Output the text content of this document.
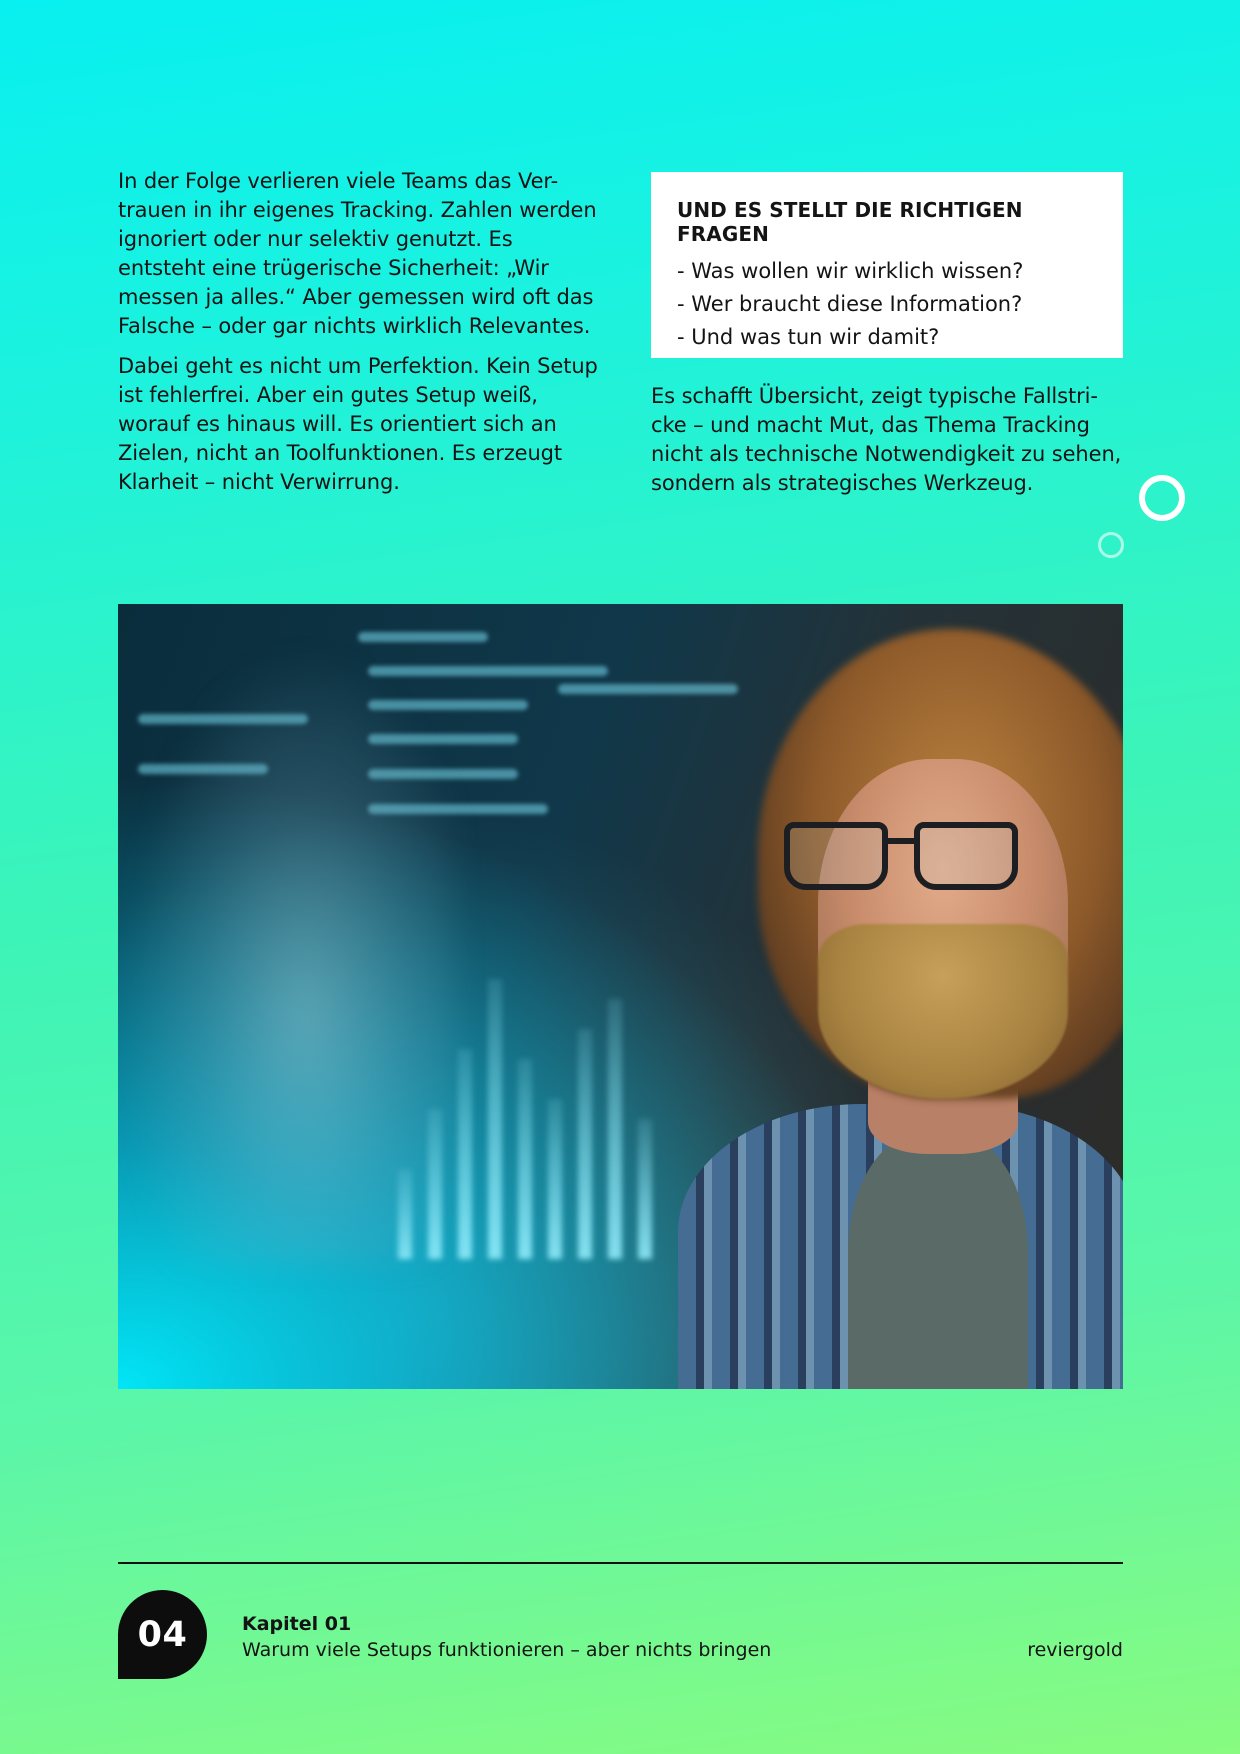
In der Folge verlieren viele Teams das Ver-trauen in ihr eigenes Tracking. Zahlen werden ignoriert oder nur selektiv genutzt. Es entsteht eine trügerische Sicherheit: „Wir messen ja alles.“ Aber gemessen wird oft das Falsche – oder gar nichts wirklich Relevantes.

Dabei geht es nicht um Perfektion. Kein Setup ist fehlerfrei. Aber ein gutes Setup weiß, worauf es hinaus will. Es orientiert sich an Zielen, nicht an Toolfunktionen. Es erzeugt Klarheit – nicht Verwirrung.

UND ES STELLT DIE RICHTIGEN FRAGEN
- Was wollen wir wirklich wissen?
- Wer braucht diese Information?
- Und was tun wir damit?

Es schafft Übersicht, zeigt typische Fallstri-cke – und macht Mut, das Thema Tracking nicht als technische Notwendigkeit zu sehen, sondern als strategisches Werkzeug.

04	Kapitel 01
Warum viele Setups funktionieren – aber nichts bringen	reviergold
